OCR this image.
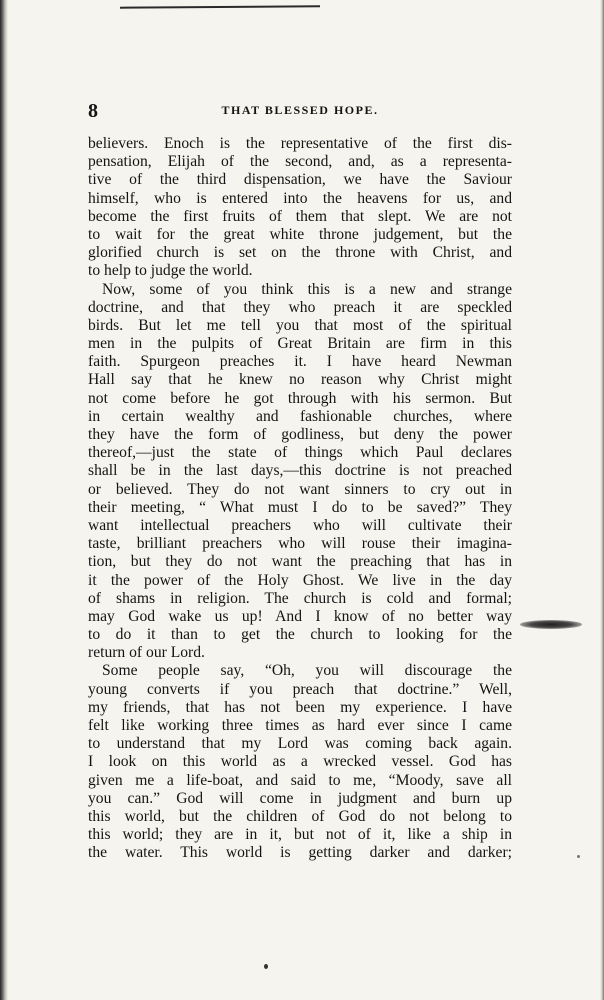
8	THAT BLESSED HOPE.
believers. Enoch is the representative of the first dis-
pensation, Elijah of the second, and, as a representa-
tive of the third dispensation, we have the Saviour
himself, who is entered into the heavens for us, and
become the first fruits of them that slept. We are not
to wait for the great white throne judgement, but the
glorified church is set on the throne with Christ, and
to help to judge the world.
Now, some of you think this is a new and strange
doctrine, and that they who preach it are speckled
birds. But let me tell you that most of the spiritual
men in the pulpits of Great Britain are firm in this
faith. Spurgeon preaches it. I have heard Newman
Hall say that he knew no reason why Christ might
not come before he got through with his sermon. But
in certain wealthy and fashionable churches, where
they have the form of godliness, but deny the power
thereof,—just the state of things which Paul declares
shall be in the last days,—this doctrine is not preached
or believed. They do not want sinners to cry out in
their meeting, “ What must I do to be saved?” They
want intellectual preachers who will cultivate their
taste, brilliant preachers who will rouse their imagina-
tion, but they do not want the preaching that has in
it the power of the Holy Ghost. We live in the day
of shams in religion. The church is cold and formal;
may God wake us up! And I know of no better way
to do it than to get the church to looking for the
return of our Lord.
Some people say, “Oh, you will discourage the
young converts if you preach that doctrine.” Well,
my friends, that has not been my experience. I have
felt like working three times as hard ever since I came
to understand that my Lord was coming back again.
I look on this world as a wrecked vessel. God has
given me a life-boat, and said to me, “Moody, save all
you can.” God will come in judgment and burn up
this world, but the children of God do not belong to
this world; they are in it, but not of it, like a ship in
the water. This world is getting darker and darker;
